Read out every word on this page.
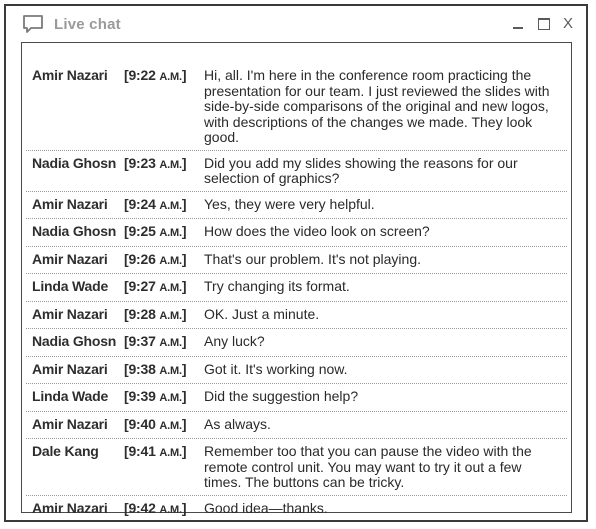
Live chat	X
Amir Nazari	[9:22 A.M.]	Hi, all. I'm here in the conference room practicing the presentation for our team. I just reviewed the slides with side-by-side comparisons of the original and new logos, with descriptions of the changes we made. They look good.
Nadia Ghosn [9:23 A.M.]	Did you add my slides showing the reasons for our selection of graphics?
Amir Nazari	[9:24 A.M.]	Yes, they were very helpful.
Nadia Ghosn [9:25 A.M.]	How does the video look on screen?
Amir Nazari	[9:26 A.M.]	That's our problem. It's not playing.
Linda Wade	[9:27 A.M.]	Try changing its format.
Amir Nazari	[9:28 A.M.]	OK. Just a minute.
Nadia Ghosn [9:37 A.M.]	Any luck?
Amir Nazari	[9:38 A.M.]	Got it. It's working now.
Linda Wade	[9:39 A.M.]	Did the suggestion help?
Amir Nazari	[9:40 A.M.]	As always.
Dale Kang	[9:41 A.M.]	Remember too that you can pause the video with the remote control unit. You may want to try it out a few times. The buttons can be tricky.
Amir Nazari	[9:42 A.M.]	Good idea—thanks.
